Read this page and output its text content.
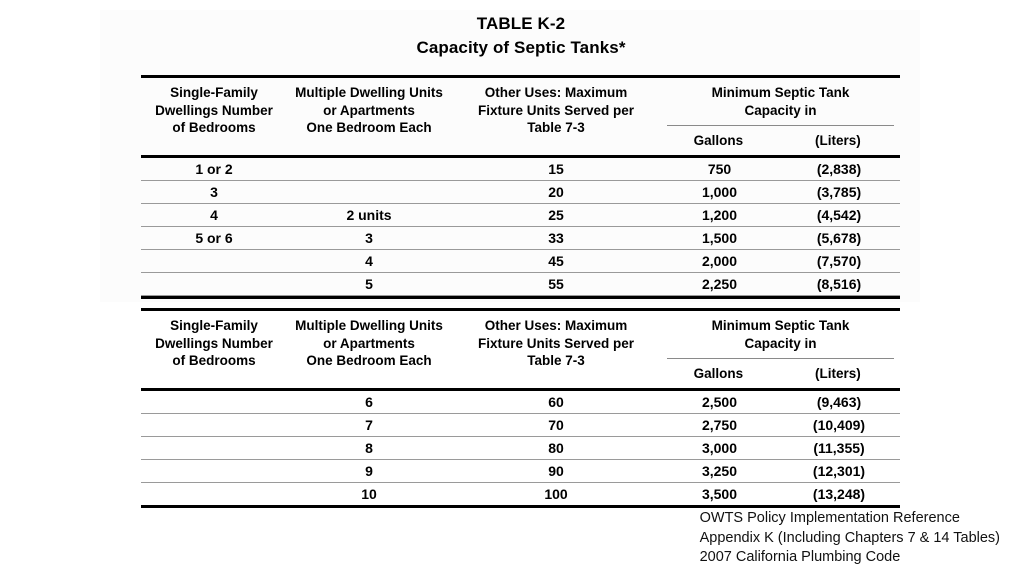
TABLE K-2
Capacity of Septic Tanks*
Single-Family
Dwellings Number
of Bedrooms

Multiple Dwelling Units
or Apartments
One Bedroom Each

Other Uses: Maximum
Fixture Units Served per
Table 7-3

Minimum Septic Tank
Capacity in
Gallons	(Liters)

1 or 2		15	750	(2,838)
3		20	1,000	(3,785)
4	2 units	25	1,200	(4,542)
5 or 6	3	33	1,500	(5,678)
	4	45	2,000	(7,570)
	5	55	2,250	(8,516)

Single-Family
Dwellings Number
of Bedrooms

Multiple Dwelling Units
or Apartments
One Bedroom Each

Other Uses: Maximum
Fixture Units Served per
Table 7-3

Minimum Septic Tank
Capacity in
Gallons	(Liters)

	6	60	2,500	(9,463)
	7	70	2,750	(10,409)
	8	80	3,000	(11,355)
	9	90	3,250	(12,301)
	10	100	3,500	(13,248)

OWTS Policy Implementation Reference
Appendix K (Including Chapters 7 & 14 Tables)
2007 California Plumbing Code
